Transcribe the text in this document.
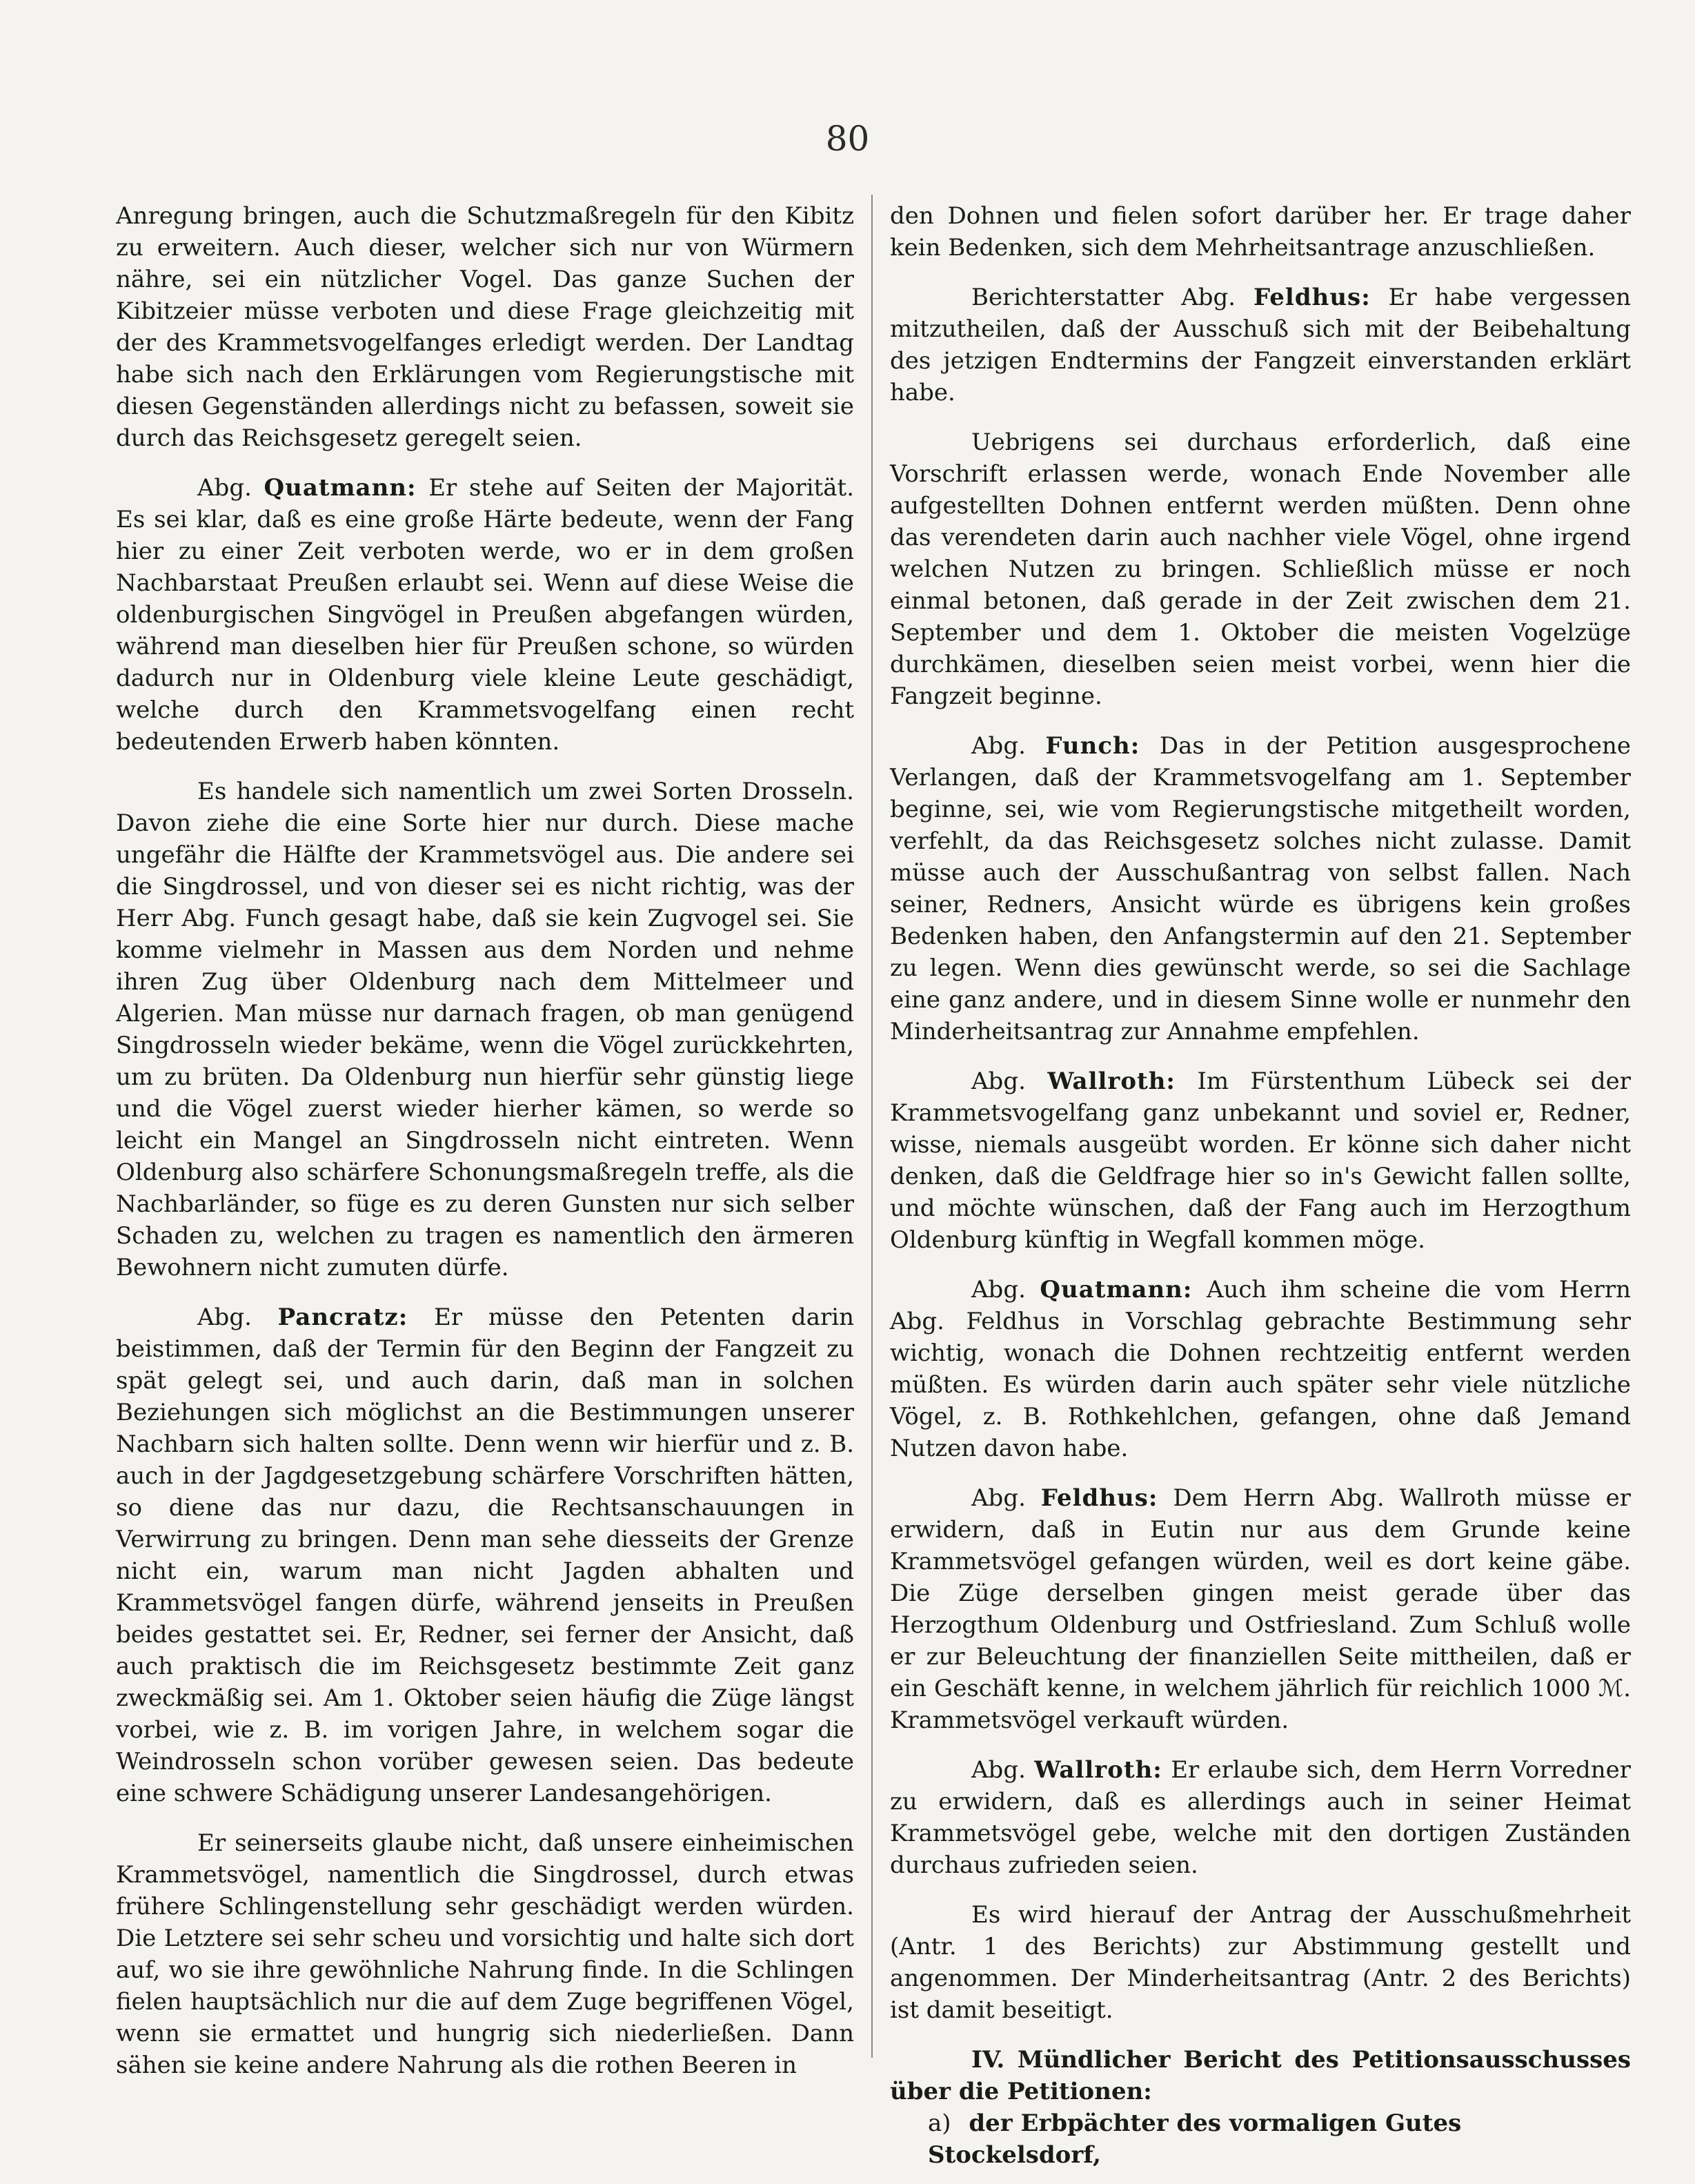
80

Anregung bringen, auch die Schutzmaßregeln für den Kibitz zu erweitern. Auch dieser, welcher sich nur von Würmern nähre, sei ein nützlicher Vogel. Das ganze Suchen der Kibitzeier müsse verboten und diese Frage gleichzeitig mit der des Krammetsvogelfanges erledigt werden. Der Landtag habe sich nach den Erklärungen vom Regierungstische mit diesen Gegenständen allerdings nicht zu befassen, soweit sie durch das Reichsgesetz geregelt seien.

Abg. Quatmann: Er stehe auf Seiten der Majorität. Es sei klar, daß es eine große Härte bedeute, wenn der Fang hier zu einer Zeit verboten werde, wo er in dem großen Nachbarstaat Preußen erlaubt sei. Wenn auf diese Weise die oldenburgischen Singvögel in Preußen abgefangen würden, während man dieselben hier für Preußen schone, so würden dadurch nur in Oldenburg viele kleine Leute geschädigt, welche durch den Krammetsvogelfang einen recht bedeutenden Erwerb haben könnten.

Es handele sich namentlich um zwei Sorten Drosseln. Davon ziehe die eine Sorte hier nur durch. Diese mache ungefähr die Hälfte der Krammetsvögel aus. Die andere sei die Singdrossel, und von dieser sei es nicht richtig, was der Herr Abg. Funch gesagt habe, daß sie kein Zugvogel sei. Sie komme vielmehr in Massen aus dem Norden und nehme ihren Zug über Oldenburg nach dem Mittelmeer und Algerien. Man müsse nur darnach fragen, ob man genügend Singdrosseln wieder bekäme, wenn die Vögel zurückkehrten, um zu brüten. Da Oldenburg nun hierfür sehr günstig liege und die Vögel zuerst wieder hierher kämen, so werde so leicht ein Mangel an Singdrosseln nicht eintreten. Wenn Oldenburg also schärfere Schonungsmaßregeln treffe, als die Nachbarländer, so füge es zu deren Gunsten nur sich selber Schaden zu, welchen zu tragen es namentlich den ärmeren Bewohnern nicht zumuten dürfe.

Abg. Pancratz: Er müsse den Petenten darin beistimmen, daß der Termin für den Beginn der Fangzeit zu spät gelegt sei, und auch darin, daß man in solchen Beziehungen sich möglichst an die Bestimmungen unserer Nachbarn sich halten sollte. Denn wenn wir hierfür und z. B. auch in der Jagdgesetzgebung schärfere Vorschriften hätten, so diene das nur dazu, die Rechtsanschauungen in Verwirrung zu bringen. Denn man sehe diesseits der Grenze nicht ein, warum man nicht Jagden abhalten und Krammetsvögel fangen dürfe, während jenseits in Preußen beides gestattet sei. Er, Redner, sei ferner der Ansicht, daß auch praktisch die im Reichsgesetz bestimmte Zeit ganz zweckmäßig sei. Am 1. Oktober seien häufig die Züge längst vorbei, wie z. B. im vorigen Jahre, in welchem sogar die Weindrosseln schon vorüber gewesen seien. Das bedeute eine schwere Schädigung unserer Landesangehörigen.

Er seinerseits glaube nicht, daß unsere einheimischen Krammetsvögel, namentlich die Singdrossel, durch etwas frühere Schlingenstellung sehr geschädigt werden würden. Die Letztere sei sehr scheu und vorsichtig und halte sich dort auf, wo sie ihre gewöhnliche Nahrung finde. In die Schlingen fielen hauptsächlich nur die auf dem Zuge begriffenen Vögel, wenn sie ermattet und hungrig sich niederließen. Dann sähen sie keine andere Nahrung als die rothen Beeren in

den Dohnen und fielen sofort darüber her. Er trage daher kein Bedenken, sich dem Mehrheitsantrage anzuschließen.

Berichterstatter Abg. Feldhus: Er habe vergessen mitzutheilen, daß der Ausschuß sich mit der Beibehaltung des jetzigen Endtermins der Fangzeit einverstanden erklärt habe.

Uebrigens sei durchaus erforderlich, daß eine Vorschrift erlassen werde, wonach Ende November alle aufgestellten Dohnen entfernt werden müßten. Denn ohne das verendeten darin auch nachher viele Vögel, ohne irgend welchen Nutzen zu bringen. Schließlich müsse er noch einmal betonen, daß gerade in der Zeit zwischen dem 21. September und dem 1. Oktober die meisten Vogelzüge durchkämen, dieselben seien meist vorbei, wenn hier die Fangzeit beginne.

Abg. Funch: Das in der Petition ausgesprochene Verlangen, daß der Krammetsvogelfang am 1. September beginne, sei, wie vom Regierungstische mitgetheilt worden, verfehlt, da das Reichsgesetz solches nicht zulasse. Damit müsse auch der Ausschußantrag von selbst fallen. Nach seiner, Redners, Ansicht würde es übrigens kein großes Bedenken haben, den Anfangstermin auf den 21. September zu legen. Wenn dies gewünscht werde, so sei die Sachlage eine ganz andere, und in diesem Sinne wolle er nunmehr den Minderheitsantrag zur Annahme empfehlen.

Abg. Wallroth: Im Fürstenthum Lübeck sei der Krammetsvogelfang ganz unbekannt und soviel er, Redner, wisse, niemals ausgeübt worden. Er könne sich daher nicht denken, daß die Geldfrage hier so in's Gewicht fallen sollte, und möchte wünschen, daß der Fang auch im Herzogthum Oldenburg künftig in Wegfall kommen möge.

Abg. Quatmann: Auch ihm scheine die vom Herrn Abg. Feldhus in Vorschlag gebrachte Bestimmung sehr wichtig, wonach die Dohnen rechtzeitig entfernt werden müßten. Es würden darin auch später sehr viele nützliche Vögel, z. B. Rothkehlchen, gefangen, ohne daß Jemand Nutzen davon habe.

Abg. Feldhus: Dem Herrn Abg. Wallroth müsse er erwidern, daß in Eutin nur aus dem Grunde keine Krammetsvögel gefangen würden, weil es dort keine gäbe. Die Züge derselben gingen meist gerade über das Herzogthum Oldenburg und Ostfriesland. Zum Schluß wolle er zur Beleuchtung der finanziellen Seite mittheilen, daß er ein Geschäft kenne, in welchem jährlich für reichlich 1000 ℳ. Krammetsvögel verkauft würden.

Abg. Wallroth: Er erlaube sich, dem Herrn Vorredner zu erwidern, daß es allerdings auch in seiner Heimat Krammetsvögel gebe, welche mit den dortigen Zuständen durchaus zufrieden seien.

Es wird hierauf der Antrag der Ausschußmehrheit (Antr. 1 des Berichts) zur Abstimmung gestellt und angenommen. Der Minderheitsantrag (Antr. 2 des Berichts) ist damit beseitigt.

IV. Mündlicher Bericht des Petitionsausschusses über die Petitionen:

a) der Erbpächter des vormaligen Gutes Stockelsdorf,
